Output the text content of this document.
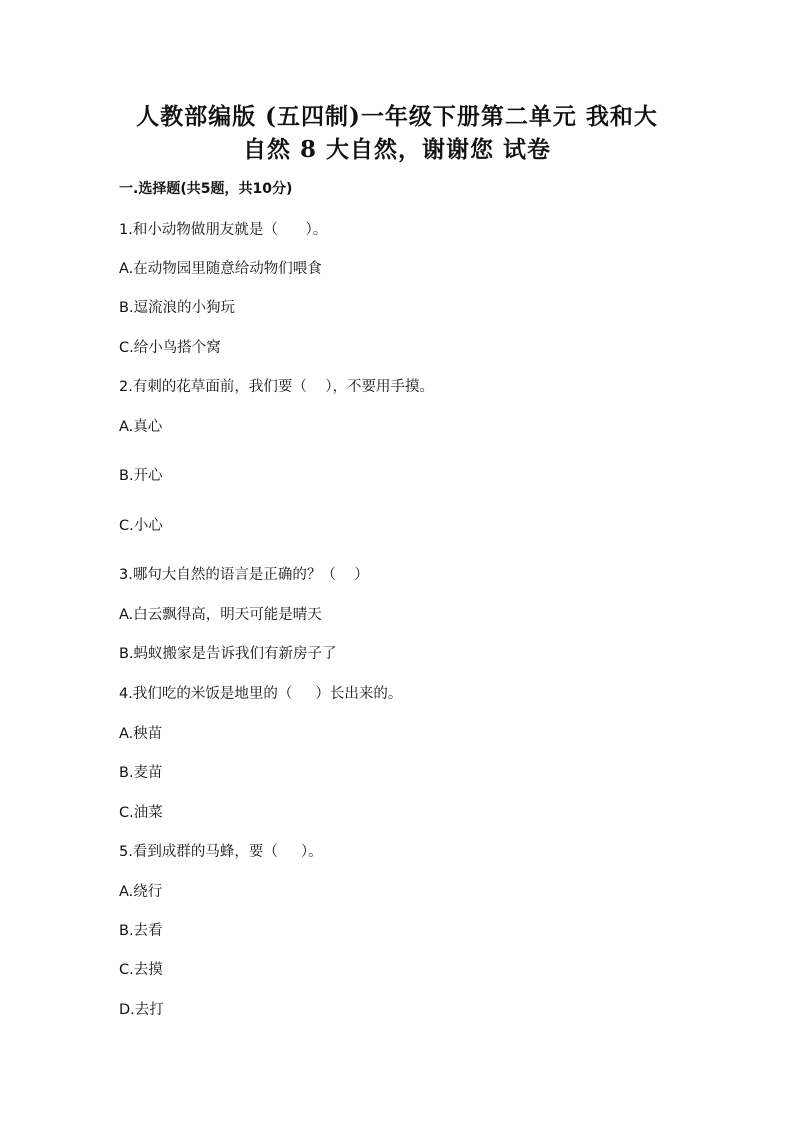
人教部编版 (五四制)一年级下册第二单元 我和大
自然 8 大自然，谢谢您 试卷
一.选择题(共5题，共10分)
1.和小动物做朋友就是（      ）。
A.在动物园里随意给动物们喂食
B.逗流浪的小狗玩
C.给小鸟搭个窝
2.有刺的花草面前，我们要（    ），不要用手摸。
A.真心
B.开心
C.小心
3.哪句大自然的语言是正确的？（    ）
A.白云飘得高，明天可能是晴天
B.蚂蚁搬家是告诉我们有新房子了
4.我们吃的米饭是地里的（     ）长出来的。
A.秧苗
B.麦苗
C.油菜
5.看到成群的马蜂，要（     ）。
A.绕行
B.去看
C.去摸
D.去打
